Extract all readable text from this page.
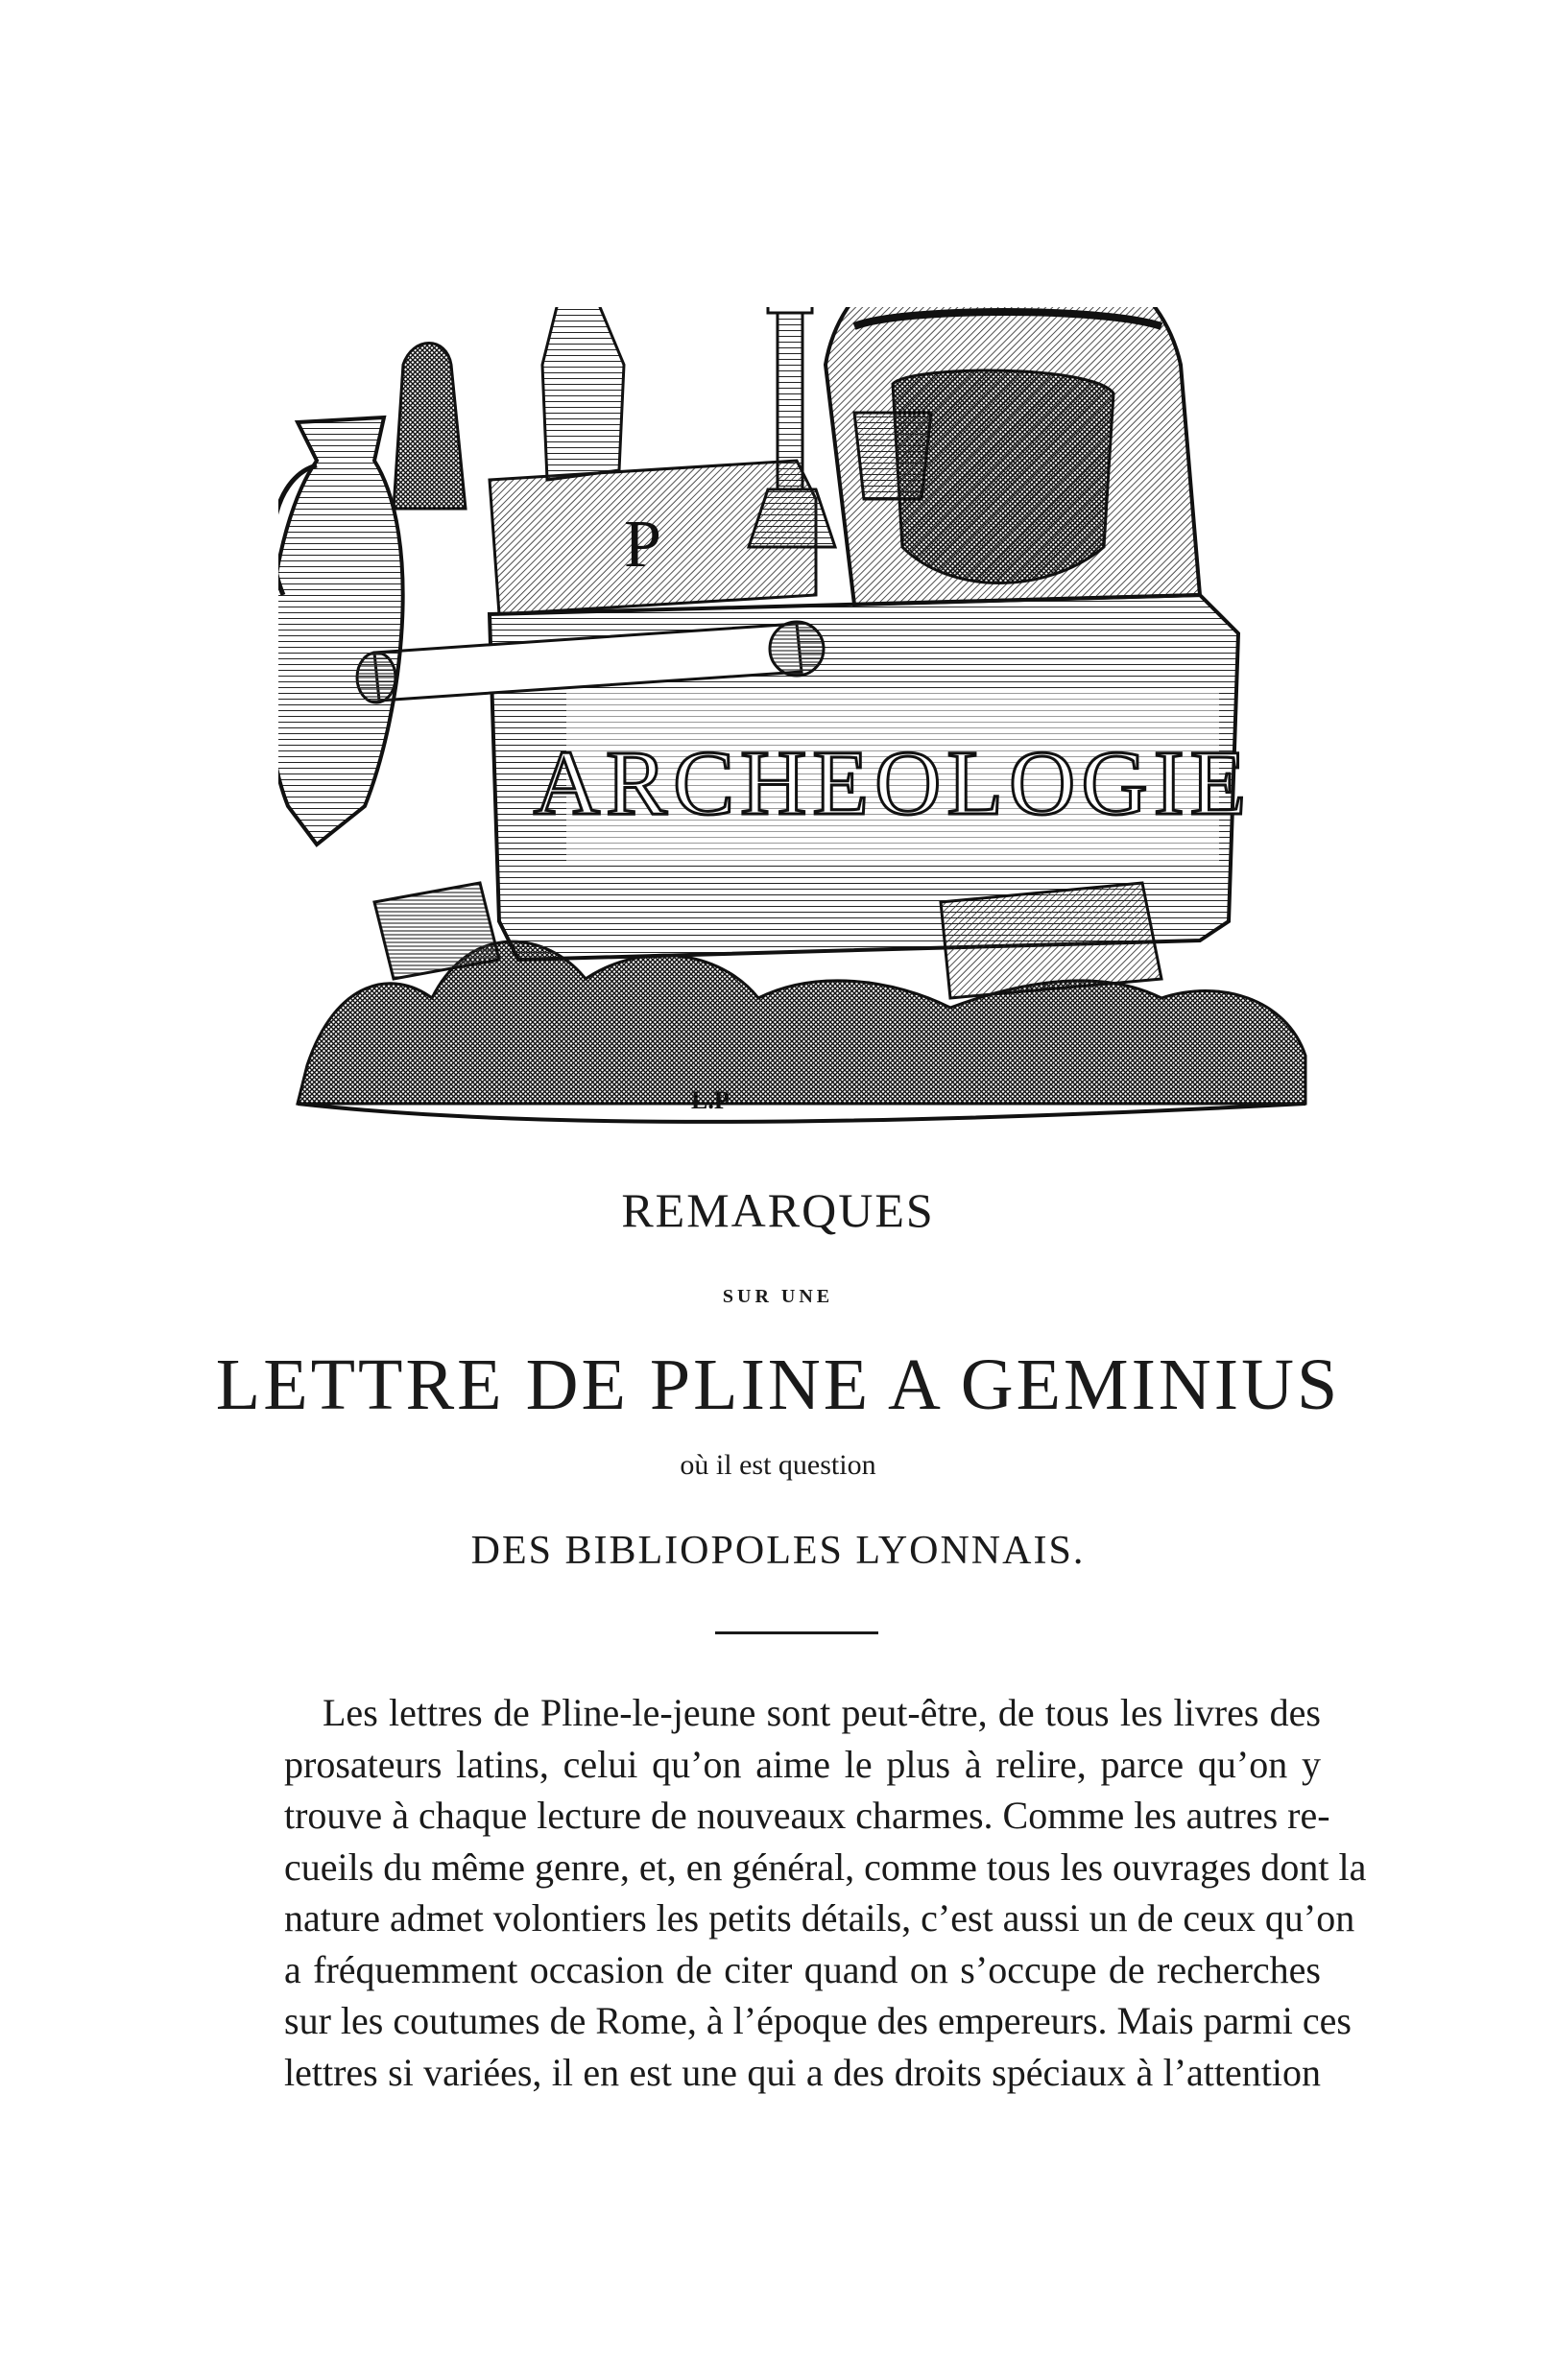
ARCHEOLOGIE
P
L.P
REMARQUES
SUR UNE
LETTRE DE PLINE A GEMINIUS
où il est question
DES BIBLIOPOLES LYONNAIS.
Les lettres de Pline-le-jeune sont peut-être, de tous les livres des
prosateurs latins, celui qu’on aime le plus à relire, parce qu’on y
trouve à chaque lecture de nouveaux charmes. Comme les autres re-
cueils du même genre, et, en général, comme tous les ouvrages dont la
nature admet volontiers les petits détails, c’est aussi un de ceux qu’on
a fréquemment occasion de citer quand on s’occupe de recherches
sur les coutumes de Rome, à l’époque des empereurs. Mais parmi ces
lettres si variées, il en est une qui a des droits spéciaux à l’attention
